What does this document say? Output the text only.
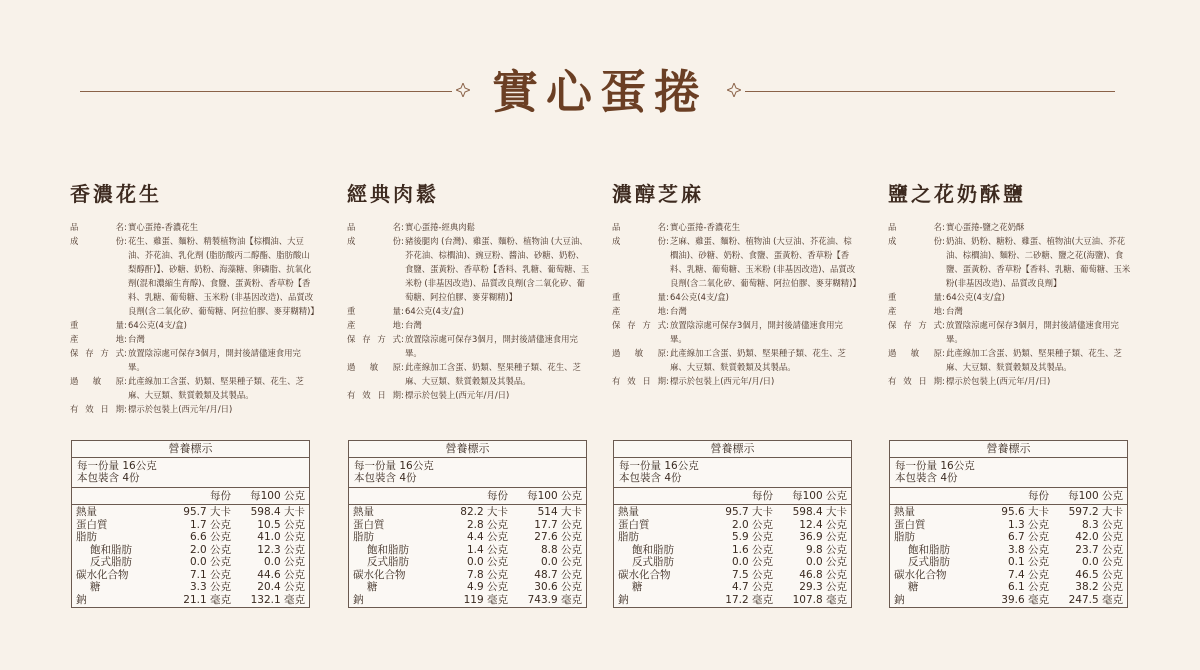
實心蛋捲
香濃花生
品名 : 實心蛋捲-香濃花生
成份 : 花生、雞蛋、麵粉、精製植物油【棕櫚油、大豆油、芥花油、乳化劑 (脂肪酸丙二醇酯、脂肪酸山梨醇酐)】、砂糖、奶粉、海藻糖、卵磷脂、抗氧化劑(混和濃縮生育醇)、食鹽、蛋黃粉、香草粉【香料、乳糖、葡萄糖、玉米粉 (非基因改造)、品質改良劑(含二氧化矽、葡萄糖、阿拉伯膠、麥芽糊精)】
重量 : 64公克(4支/盒)
產地 : 台灣
保存方式 : 放置陰涼處可保存3個月，開封後請儘速食用完畢。
過敏原 : 此產線加工含蛋、奶類、堅果種子類、花生、芝麻、大豆類、麩質穀類及其製品。
有效日期 : 標示於包裝上(西元年/月/日)
營養標示
每一份量 16公克
本包裝含 4份
每份	每100 公克
熱量	95.7 大卡	598.4 大卡
蛋白質	1.7 公克	10.5 公克
脂肪	6.6 公克	41.0 公克
飽和脂肪	2.0 公克	12.3 公克
反式脂肪	0.0 公克	0.0 公克
碳水化合物	7.1 公克	44.6 公克
糖	3.3 公克	20.4 公克
鈉	21.1 毫克	132.1 毫克
經典肉鬆
品名 : 實心蛋捲-經典肉鬆
成份 : 豬後腿肉 (台灣)、雞蛋、麵粉、植物油 (大豆油、芥花油、棕櫚油)、豌豆粉、醬油、砂糖、奶粉、食鹽、蛋黃粉、香草粉【香料、乳糖、葡萄糖、玉米粉 (非基因改造)、品質改良劑(含二氧化矽、葡萄糖、阿拉伯膠、麥芽糊精)】
重量 : 64公克(4支/盒)
產地 : 台灣
保存方式 : 放置陰涼處可保存3個月，開封後請儘速食用完畢。
過敏原 : 此產線加工含蛋、奶類、堅果種子類、花生、芝麻、大豆類、麩質穀類及其製品。
有效日期 : 標示於包裝上(西元年/月/日)
營養標示
每一份量 16公克
本包裝含 4份
每份	每100 公克
熱量	82.2 大卡	514 大卡
蛋白質	2.8 公克	17.7 公克
脂肪	4.4 公克	27.6 公克
飽和脂肪	1.4 公克	8.8 公克
反式脂肪	0.0 公克	0.0 公克
碳水化合物	7.8 公克	48.7 公克
糖	4.9 公克	30.6 公克
鈉	119 毫克	743.9 毫克
濃醇芝麻
品名 : 實心蛋捲-香濃花生
成份 : 芝麻、雞蛋、麵粉、植物油 (大豆油、芥花油、棕櫚油)、砂糖、奶粉、食鹽、蛋黃粉、香草粉【香料、乳糖、葡萄糖、玉米粉 (非基因改造)、品質改良劑(含二氧化矽、葡萄糖、阿拉伯膠、麥芽糊精)】
重量 : 64公克(4支/盒)
產地 : 台灣
保存方式 : 放置陰涼處可保存3個月，開封後請儘速食用完畢。
過敏原 : 此產線加工含蛋、奶類、堅果種子類、花生、芝麻、大豆類、麩質穀類及其製品。
有效日期 : 標示於包裝上(西元年/月/日)
營養標示
每一份量 16公克
本包裝含 4份
每份	每100 公克
熱量	95.7 大卡	598.4 大卡
蛋白質	2.0 公克	12.4 公克
脂肪	5.9 公克	36.9 公克
飽和脂肪	1.6 公克	9.8 公克
反式脂肪	0.0 公克	0.0 公克
碳水化合物	7.5 公克	46.8 公克
糖	4.7 公克	29.3 公克
鈉	17.2 毫克	107.8 毫克
鹽之花奶酥鹽
品名 : 實心蛋捲-鹽之花奶酥
成份 : 奶油、奶粉、糖粉、雞蛋、植物油(大豆油、芥花油、棕櫚油)、麵粉、二砂糖、鹽之花(海鹽)、食鹽、蛋黃粉、香草粉【香料、乳糖、葡萄糖、玉米粉(非基因改造)、品質改良劑】
重量 : 64公克(4支/盒)
產地 : 台灣
保存方式 : 放置陰涼處可保存3個月，開封後請儘速食用完畢。
過敏原 : 此產線加工含蛋、奶類、堅果種子類、花生、芝麻、大豆類、麩質穀類及其製品。
有效日期 : 標示於包裝上(西元年/月/日)
營養標示
每一份量 16公克
本包裝含 4份
每份	每100 公克
熱量	95.6 大卡	597.2 大卡
蛋白質	1.3 公克	8.3 公克
脂肪	6.7 公克	42.0 公克
飽和脂肪	3.8 公克	23.7 公克
反式脂肪	0.1 公克	0.0 公克
碳水化合物	7.4 公克	46.5 公克
糖	6.1 公克	38.2 公克
鈉	39.6 毫克	247.5 毫克
